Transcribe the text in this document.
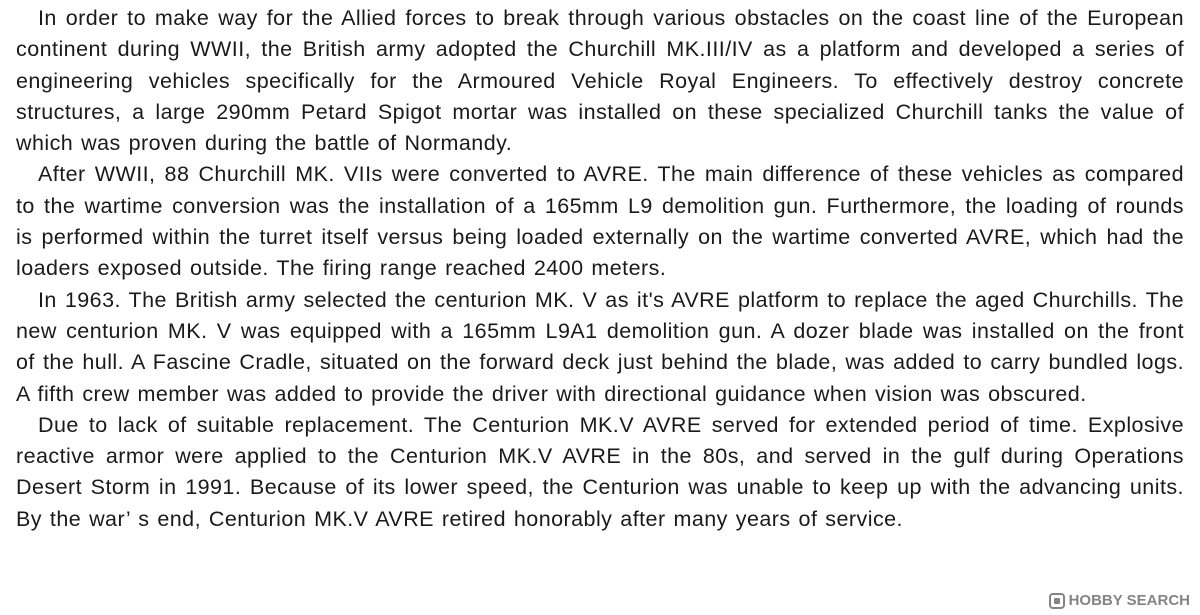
In order to make way for the Allied forces to break through various obstacles on the coast line of the European continent during WWII, the British army adopted the Churchill MK.III/IV as a platform and developed a series of engineering vehicles specifically for the Armoured Vehicle Royal Engineers. To effectively destroy concrete structures, a large 290mm Petard Spigot mortar was installed on these specialized Churchill tanks the value of which was proven during the battle of Normandy.

After WWII, 88 Churchill MK. VIIs were converted to AVRE. The main difference of these vehicles as compared to the wartime conversion was the installation of a 165mm L9 demolition gun. Furthermore, the loading of rounds is performed within the turret itself versus being loaded externally on the wartime converted AVRE, which had the loaders exposed outside. The firing range reached 2400 meters.

In 1963. The British army selected the centurion MK. V as it's AVRE platform to replace the aged Churchills. The new centurion MK. V was equipped with a 165mm L9A1 demolition gun. A dozer blade was installed on the front of the hull. A Fascine Cradle, situated on the forward deck just behind the blade, was added to carry bundled logs. A fifth crew member was added to provide the driver with directional guidance when vision was obscured.

Due to lack of suitable replacement. The Centurion MK.V AVRE served for extended period of time. Explosive reactive armor were applied to the Centurion MK.V AVRE in the 80s, and served in the gulf during Operations Desert Storm in 1991. Because of its lower speed, the Centurion was unable to keep up with the advancing units. By the war’ s end, Centurion MK.V AVRE retired honorably after many years of service.

HOBBY SEARCH
